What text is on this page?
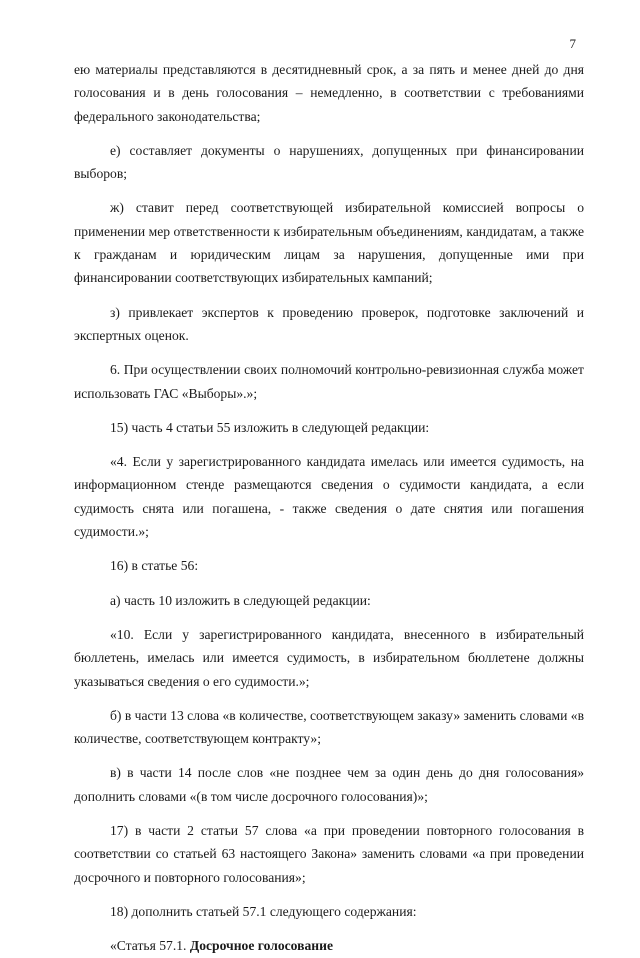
7

ею материалы представляются в десятидневный срок, а за пять и менее дней до дня голосования и в день голосования – немедленно, в соответствии с требованиями федерального законодательства;

е) составляет документы о нарушениях, допущенных при финансировании выборов;

ж) ставит перед соответствующей избирательной комиссией вопросы о применении мер ответственности к избирательным объединениям, кандидатам, а также к гражданам и юридическим лицам за нарушения, допущенные ими при финансировании соответствующих избирательных кампаний;

з) привлекает экспертов к проведению проверок, подготовке заключений и экспертных оценок.

6. При осуществлении своих полномочий контрольно-ревизионная служба может использовать ГАС «Выборы».»;

15) часть 4 статьи 55 изложить в следующей редакции:

«4. Если у зарегистрированного кандидата имелась или имеется судимость, на информационном стенде размещаются сведения о судимости кандидата, а если судимость снята или погашена, - также сведения о дате снятия или погашения судимости.»;

16) в статье 56:

а) часть 10 изложить в следующей редакции:

«10. Если у зарегистрированного кандидата, внесенного в избирательный бюллетень, имелась или имеется судимость, в избирательном бюллетене должны указываться сведения о его судимости.»;

б) в части 13 слова «в количестве, соответствующем заказу» заменить словами «в количестве, соответствующем контракту»;

в) в части 14 после слов «не позднее чем за один день до дня голосования» дополнить словами «(в том числе досрочного голосования)»;

17) в части 2 статьи 57 слова «а при проведении повторного голосования в соответствии со статьей 63 настоящего Закона» заменить словами «а при проведении досрочного и повторного голосования»;

18) дополнить статьей 57.1 следующего содержания:

«Статья 57.1. Досрочное голосование
